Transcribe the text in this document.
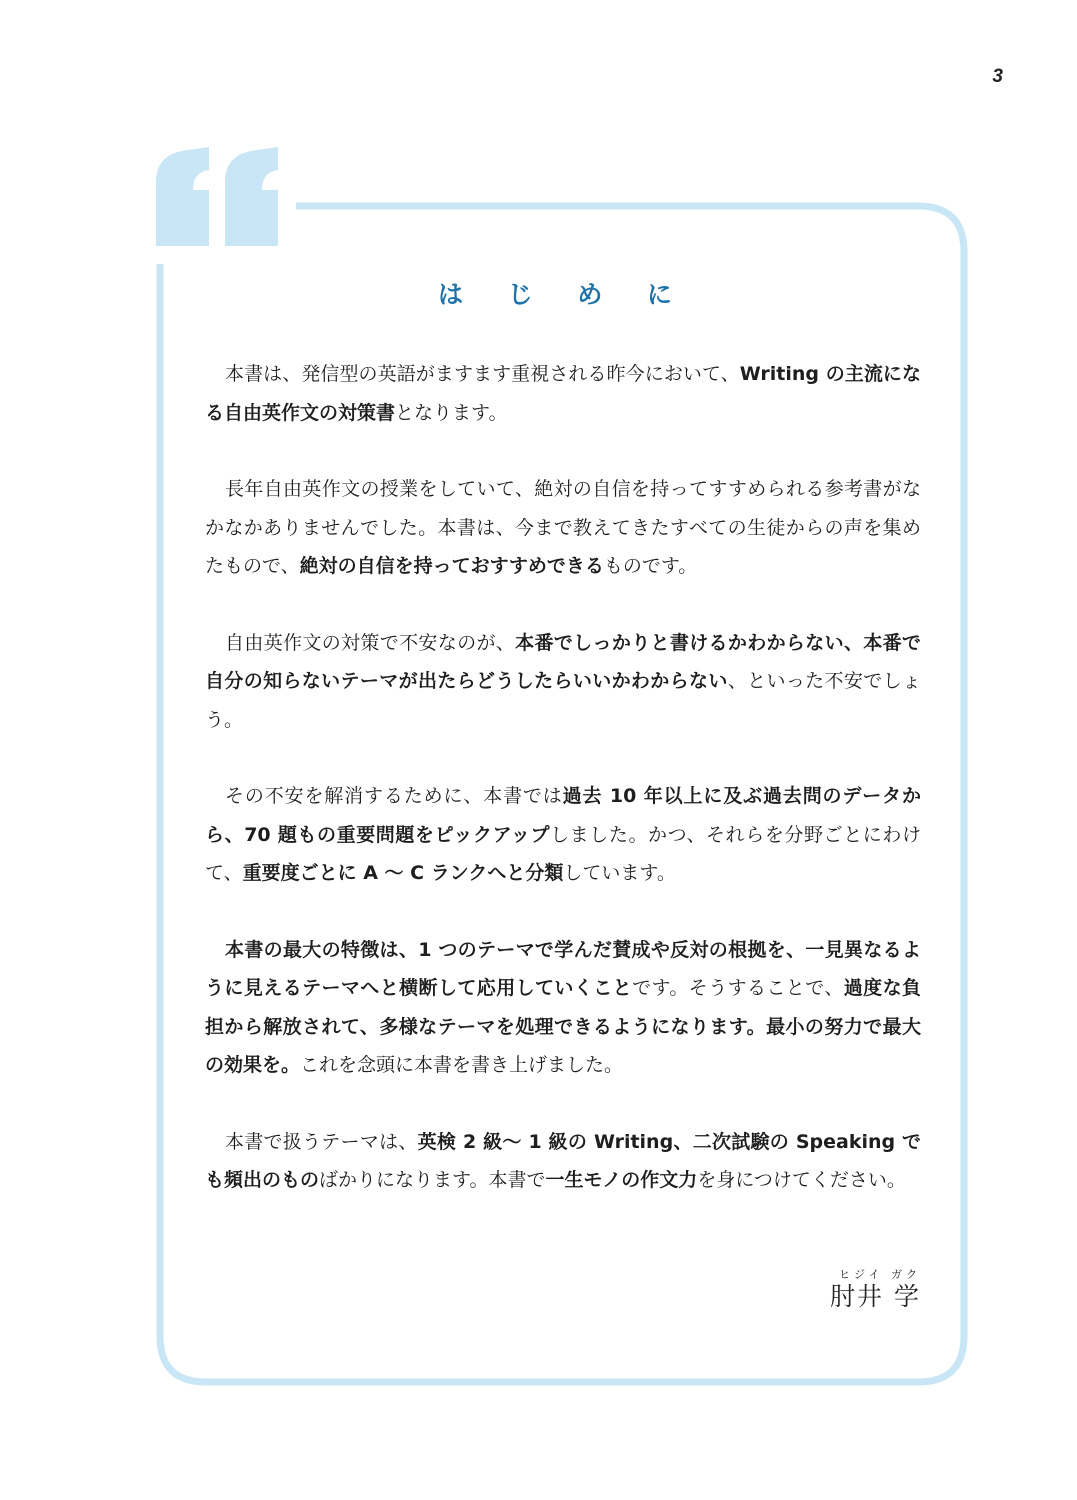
3
は じ め に

本書は、発信型の英語がますます重視される昨今において、Writing の主流になる自由英作文の対策書となります。

長年自由英作文の授業をしていて、絶対の自信を持ってすすめられる参考書がなかなかありませんでした。本書は、今まで教えてきたすべての生徒からの声を集めたもので、絶対の自信を持っておすすめできるものです。

自由英作文の対策で不安なのが、本番でしっかりと書けるかわからない、本番で自分の知らないテーマが出たらどうしたらいいかわからない、といった不安でしょう。

その不安を解消するために、本書では過去 10 年以上に及ぶ過去問のデータから、70 題もの重要問題をピックアップしました。かつ、それらを分野ごとにわけて、重要度ごとに A 〜 C ランクへと分類しています。

本書の最大の特徴は、1 つのテーマで学んだ賛成や反対の根拠を、一見異なるように見えるテーマへと横断して応用していくことです。そうすることで、過度な負担から解放されて、多様なテーマを処理できるようになります。最小の努力で最大の効果を。これを念頭に本書を書き上げました。

本書で扱うテーマは、英検 2 級〜 1 級の Writing、二次試験の Speaking でも頻出のものばかりになります。本書で一生モノの作文力を身につけてください。

ヒジイ ガク
肘井 学
